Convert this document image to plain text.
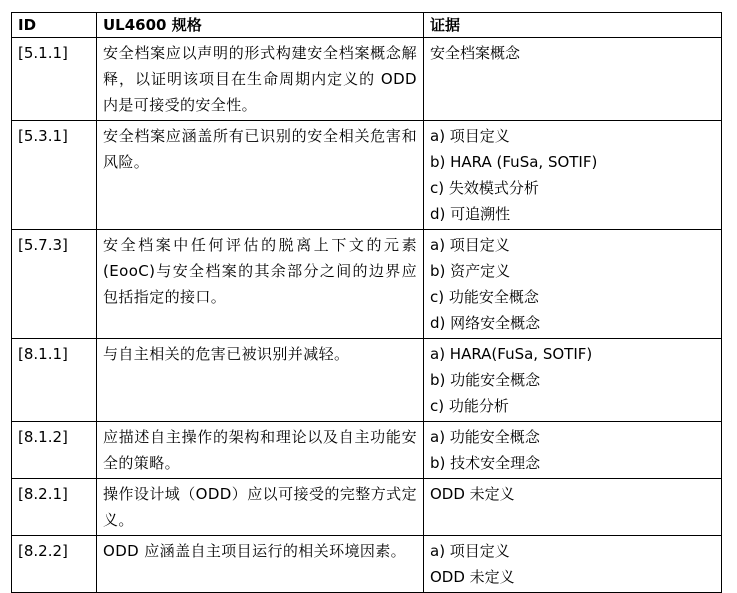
ID	UL4600 规格	证据
[5.1.1]	安全档案应以声明的形式构建安全档案概念解释，以证明该项目在生命周期内定义的 ODD 内是可接受的安全性。	安全档案概念

[5.3.1]	安全档案应涵盖所有已识别的安全相关危害和风险。	a) 项目定义
b) HARA (FuSa, SOTIF)
c) 失效模式分析
d) 可追溯性

[5.7.3]	安全档案中任何评估的脱离上下文的元素(EooC)与安全档案的其余部分之间的边界应包括指定的接口。	a) 项目定义
b) 资产定义
c) 功能安全概念
d) 网络安全概念

[8.1.1]	与自主相关的危害已被识别并减轻。	a) HARA(FuSa, SOTIF)
b) 功能安全概念
c) 功能分析

[8.1.2]	应描述自主操作的架构和理论以及自主功能安全的策略。	a) 功能安全概念
b) 技术安全理念

[8.2.1]	操作设计域（ODD）应以可接受的完整方式定义。	ODD 未定义

[8.2.2]	ODD 应涵盖自主项目运行的相关环境因素。	a) 项目定义
ODD 未定义
